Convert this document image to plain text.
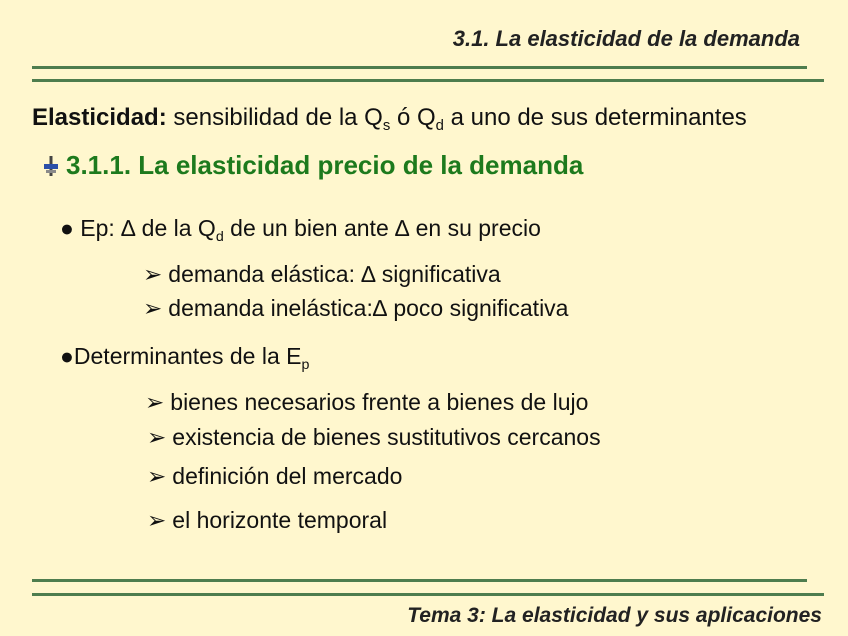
3.1. La elasticidad de la demanda
Elasticidad: sensibilidad de la $Q_s$ ó $Q_d$ a uno de sus determinantes
3.1.1. La elasticidad precio de la demanda
● Ep: ∆ de la $Q_d$ de un bien ante ∆ en su precio
➢ demanda elástica: ∆ significativa
➢ demanda inelástica:∆ poco significativa
●Determinantes de la $E_p$
➢ bienes necesarios frente a bienes de lujo
➢ existencia de bienes sustitutivos cercanos
➢ definición del mercado
➢ el horizonte temporal
Tema 3: La elasticidad y sus aplicaciones
